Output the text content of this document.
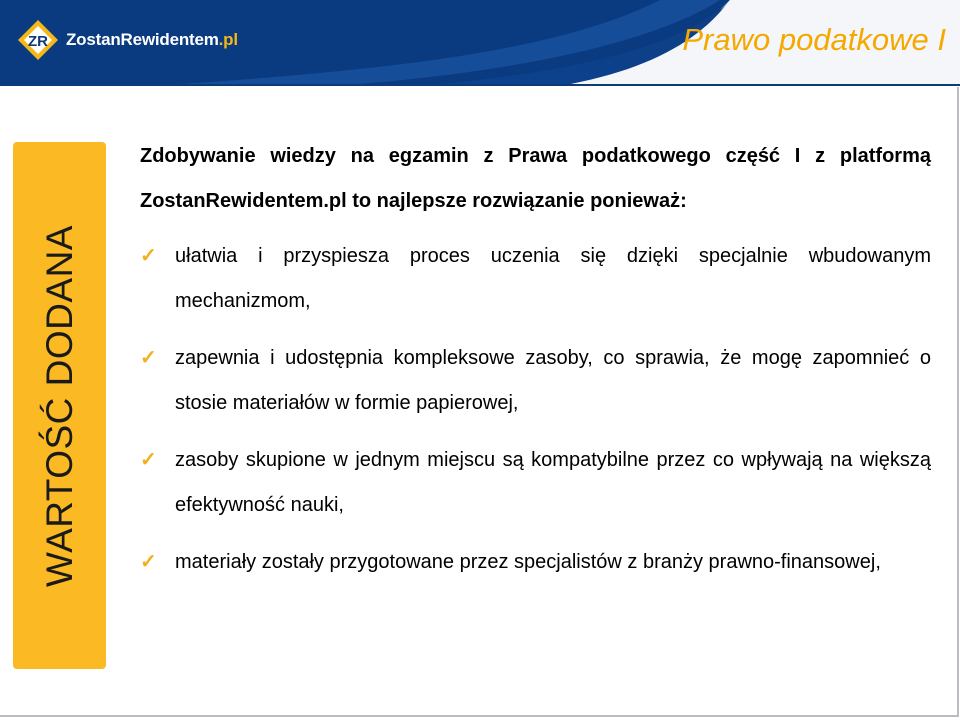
ZR ZostanRewidentem.pl	Prawo podatkowe I
WARTOŚĆ DODANA

Zdobywanie wiedzy na egzamin z Prawa podatkowego część I z platformą ZostanRewidentem.pl to najlepsze rozwiązanie ponieważ:

✓ ułatwia i przyspiesza proces uczenia się dzięki specjalnie wbudowanym mechanizmom,
✓ zapewnia i udostępnia kompleksowe zasoby, co sprawia, że mogę zapomnieć o stosie materiałów w formie papierowej,
✓ zasoby skupione w jednym miejscu są kompatybilne przez co wpływają na większą efektywność nauki,
✓ materiały zostały przygotowane przez specjalistów z branży prawno-finansowej,
